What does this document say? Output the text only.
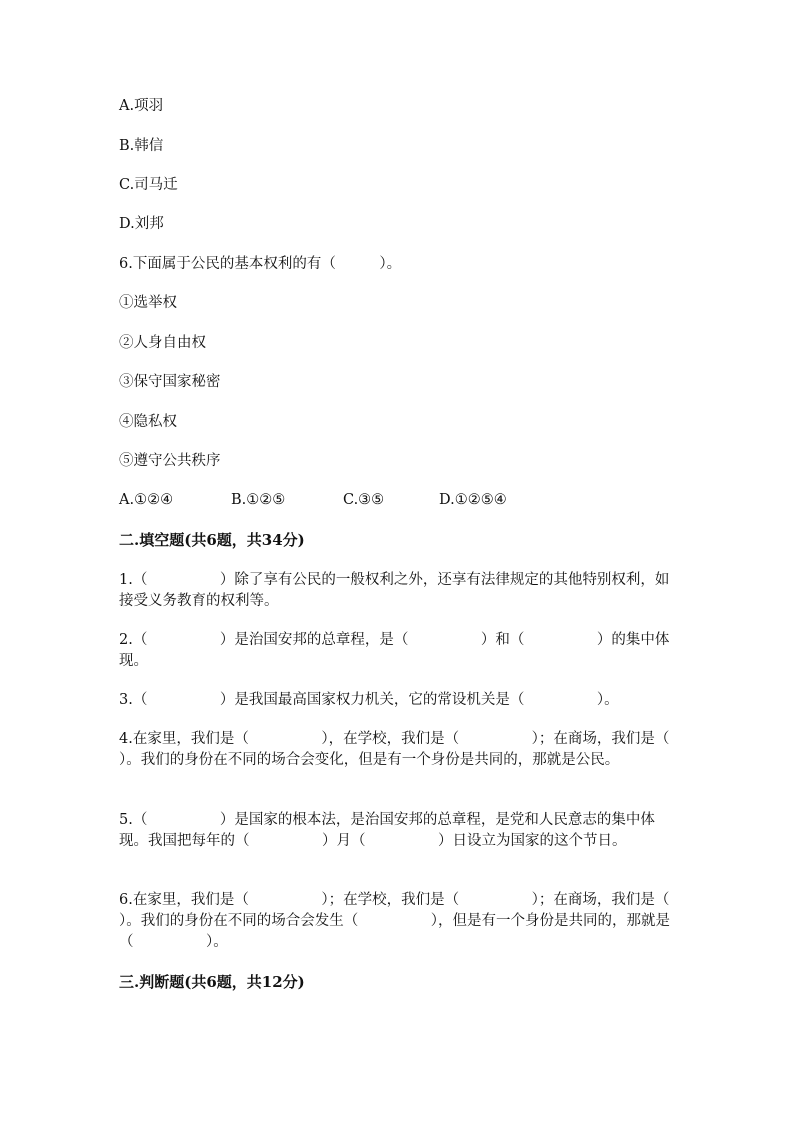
A.项羽
B.韩信
C.司马迁
D.刘邦
6.下面属于公民的基本权利的有（　　　）。
①选举权
②人身自由权
③保守国家秘密
④隐私权
⑤遵守公共秩序
A.①②④	B.①②⑤	C.③⑤	D.①②⑤④
二.填空题(共6题，共34分)
1.（　　　　　）除了享有公民的一般权利之外，还享有法律规定的其他特别权利，如接受义务教育的权利等。
2.（　　　　　）是治国安邦的总章程，是（　　　　　）和（　　　　　）的集中体现。
3.（　　　　　）是我国最高国家权力机关，它的常设机关是（　　　　　）。
4.在家里，我们是（　　　　　），在学校，我们是（　　　　　）；在商场，我们是（　　　　　）。我们的身份在不同的场合会变化，但是有一个身份是共同的，那就是公民。
5.（　　　　　）是国家的根本法，是治国安邦的总章程，是党和人民意志的集中体现。我国把每年的（　　　　　）月（　　　　　）日设立为国家的这个节日。
6.在家里，我们是（　　　　　）；在学校，我们是（　　　　　）；在商场，我们是（　　　　　）。我们的身份在不同的场合会发生（　　　　　），但是有一个身份是共同的，那就是（　　　　　）。
三.判断题(共6题，共12分)
